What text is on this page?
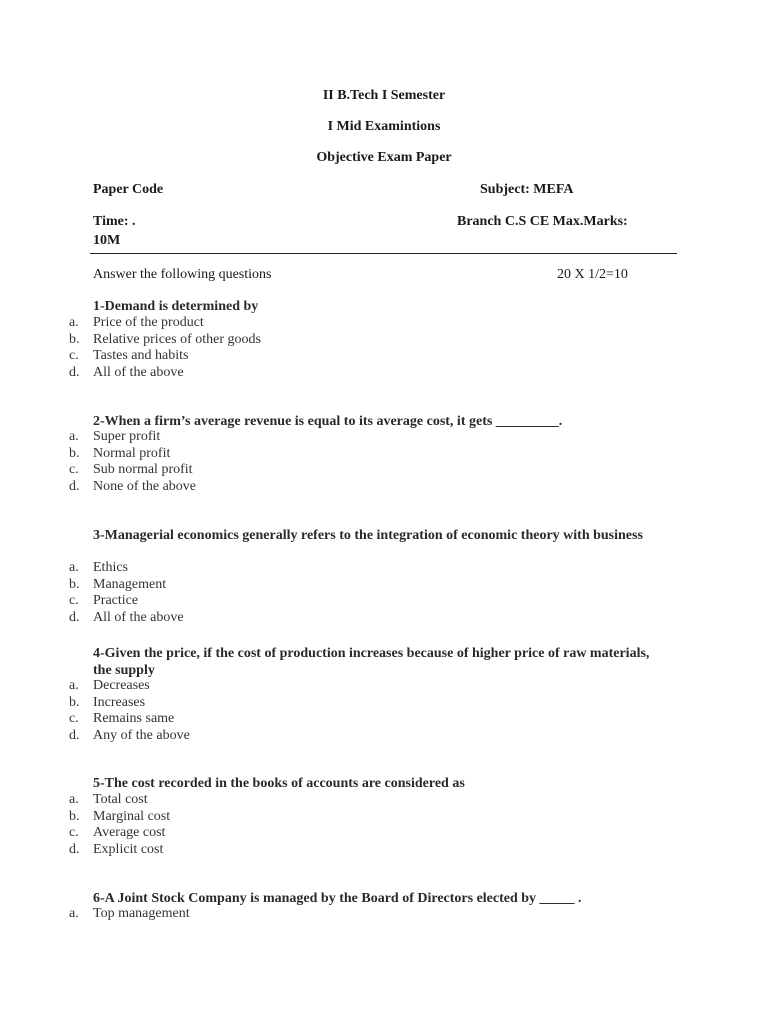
II B.Tech I Semester
I Mid Examintions
Objective Exam Paper
Paper Code	Subject: MEFA
Time: .	Branch C.S CE Max.Marks:
10M
Answer the following questions	20 X 1/2=10
1-Demand is determined by
a. Price of the product
b. Relative prices of other goods
c. Tastes and habits
d. All of the above
2-When a firm’s average revenue is equal to its average cost, it gets _________.
a. Super profit
b. Normal profit
c. Sub normal profit
d. None of the above
3-Managerial economics generally refers to the integration of economic theory with business
a. Ethics
b. Management
c. Practice
d. All of the above
4-Given the price, if the cost of production increases because of higher price of raw materials, the supply
a. Decreases
b. Increases
c. Remains same
d. Any of the above
5-The cost recorded in the books of accounts are considered as
a. Total cost
b. Marginal cost
c. Average cost
d. Explicit cost
6-A Joint Stock Company is managed by the Board of Directors elected by _____ .
a. Top management
